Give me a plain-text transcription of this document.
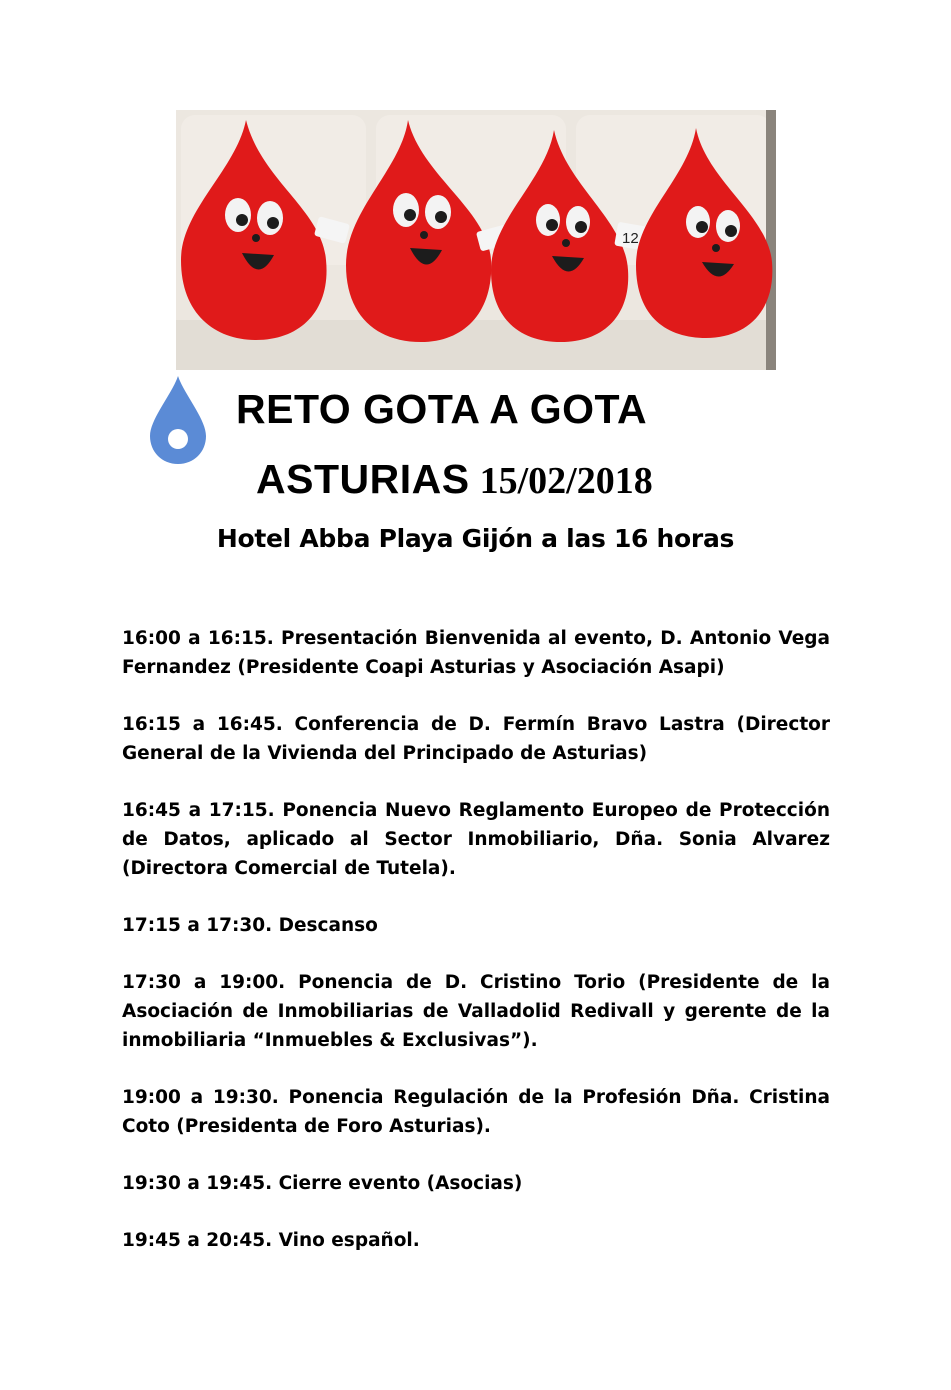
12
RETO GOTA A GOTA
ASTURIAS 15/02/2018
Hotel Abba Playa Gijón a las 16 horas

16:00 a 16:15. Presentación Bienvenida al evento, D. Antonio Vega Fernandez (Presidente Coapi Asturias y Asociación Asapi)

16:15 a 16:45. Conferencia de D. Fermín Bravo Lastra (Director General de la Vivienda del Principado de Asturias)

16:45 a 17:15. Ponencia Nuevo Reglamento Europeo de Protección de Datos, aplicado al Sector Inmobiliario, Dña. Sonia Alvarez (Directora Comercial de Tutela).

17:15 a 17:30. Descanso

17:30 a 19:00. Ponencia de D. Cristino Torio (Presidente de la Asociación de Inmobiliarias de Valladolid Redivall y gerente de la inmobiliaria “Inmuebles & Exclusivas”).

19:00 a 19:30. Ponencia Regulación de la Profesión Dña. Cristina Coto (Presidenta de Foro Asturias).

19:30 a 19:45. Cierre evento (Asocias)

19:45 a 20:45. Vino español.
